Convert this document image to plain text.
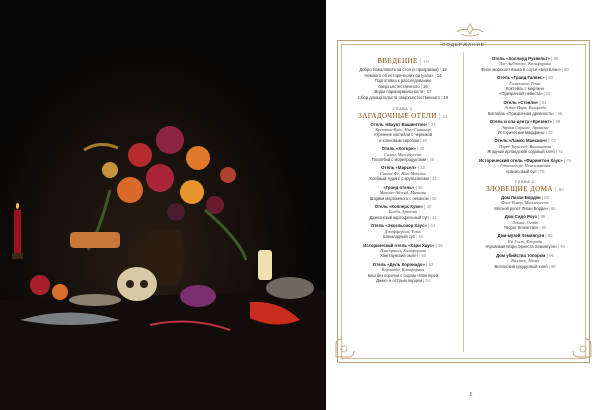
СОДЕРЖАНИЕ
ВВЕДЕНИЕ | 10
Добро пожаловать за стол (к призракам) | 12
Немного об исторических ритуалах | 14
Подготовка к расследованию
сверхъестественного | 16
Виды паранормальности | 17
Сбор доказательств сверхъестественного | 19
ГЛАВА 1
ЗАГАДОЧНЫЕ ОТЕЛИ | 22
Отель «Маунт Вашингтон» | 24
Бреттон-Вудс, Нью-Гэмпшир
Утренние коктейли с черникой
и кленовым сиропом | 26
Отель «Хоторн» | 28
Салем, Массачусетс
Похлёбка с морепродуктами | 30
Отель «Марсел» | 32
Санта-Фе, Нью-Мексико
Хлебный пудинг с круассанами | 34
«Гранд отель» | 36
Макино-Айленд, Мичиган
Шарики мороженого с пеканом | 38
Отель «Копперс Куин» | 40
Бисби, Аризона
Джеконский картофельный суп | 42
Отель «Эксельсиор Хаус» | 44
Джефферсон, Техас
Шоколадный суп | 46
Исторический отель «Кэри Хаус» | 48
Пласервилл, Калифорния
Хангтаунский омлет | 50
Отель «Дель Коронадо» | 52
Коронадо, Калифорния
Киш без корочки с сыром «Монтерей
Джек» и острым перцем | 54
Отель «Холлиуд Рузвельт» | 56
Лос-Анджелес, Калифорния
Филе морского языка в соусе «Бер Блан» | 58
Отель «Гранд Галвес» | 60
Галвестон, Техас
Коктейль с мартини
«Призрачная невеста» | 62
Отель «Стэнли» | 64
Эстес-Парк, Колорадо
Коктейль «Призрачная древность» | 66
Отель и спа-центр «Крезент» | 68
Эврика Спрингс, Арканзас
Исторические маффины | 70
Отель «Ламос Мансион» | 72
Порт-Таунсенд, Вашингтон
Ягодный ирландский содовый хлеб | 74
Исторический отель «Фарингтон Хаус» | 76
Геттисберг, Пенсильвания
Арахисовый суп | 78
ГЛАВА 2
ЗЛОВЕЩИЕ ДОМА | 80
Дом Лиззи Борден | 84
Фолл-Ривер, Массачусетс
Мясной рулет Лиззи Борден | 86
Дом Сидо Роуз | 88
Лэкинг, Огайо
Творог Smearcase | 90
Дом-музей Хемингуэя | 92
Ки Уэст, Флорида
«Кровавая Мэри Эрнеста Хемингуэя» | 94
Дом убийства топором | 96
Виллиск, Айова
Виллиский кукурузный хлеб | 98
5
